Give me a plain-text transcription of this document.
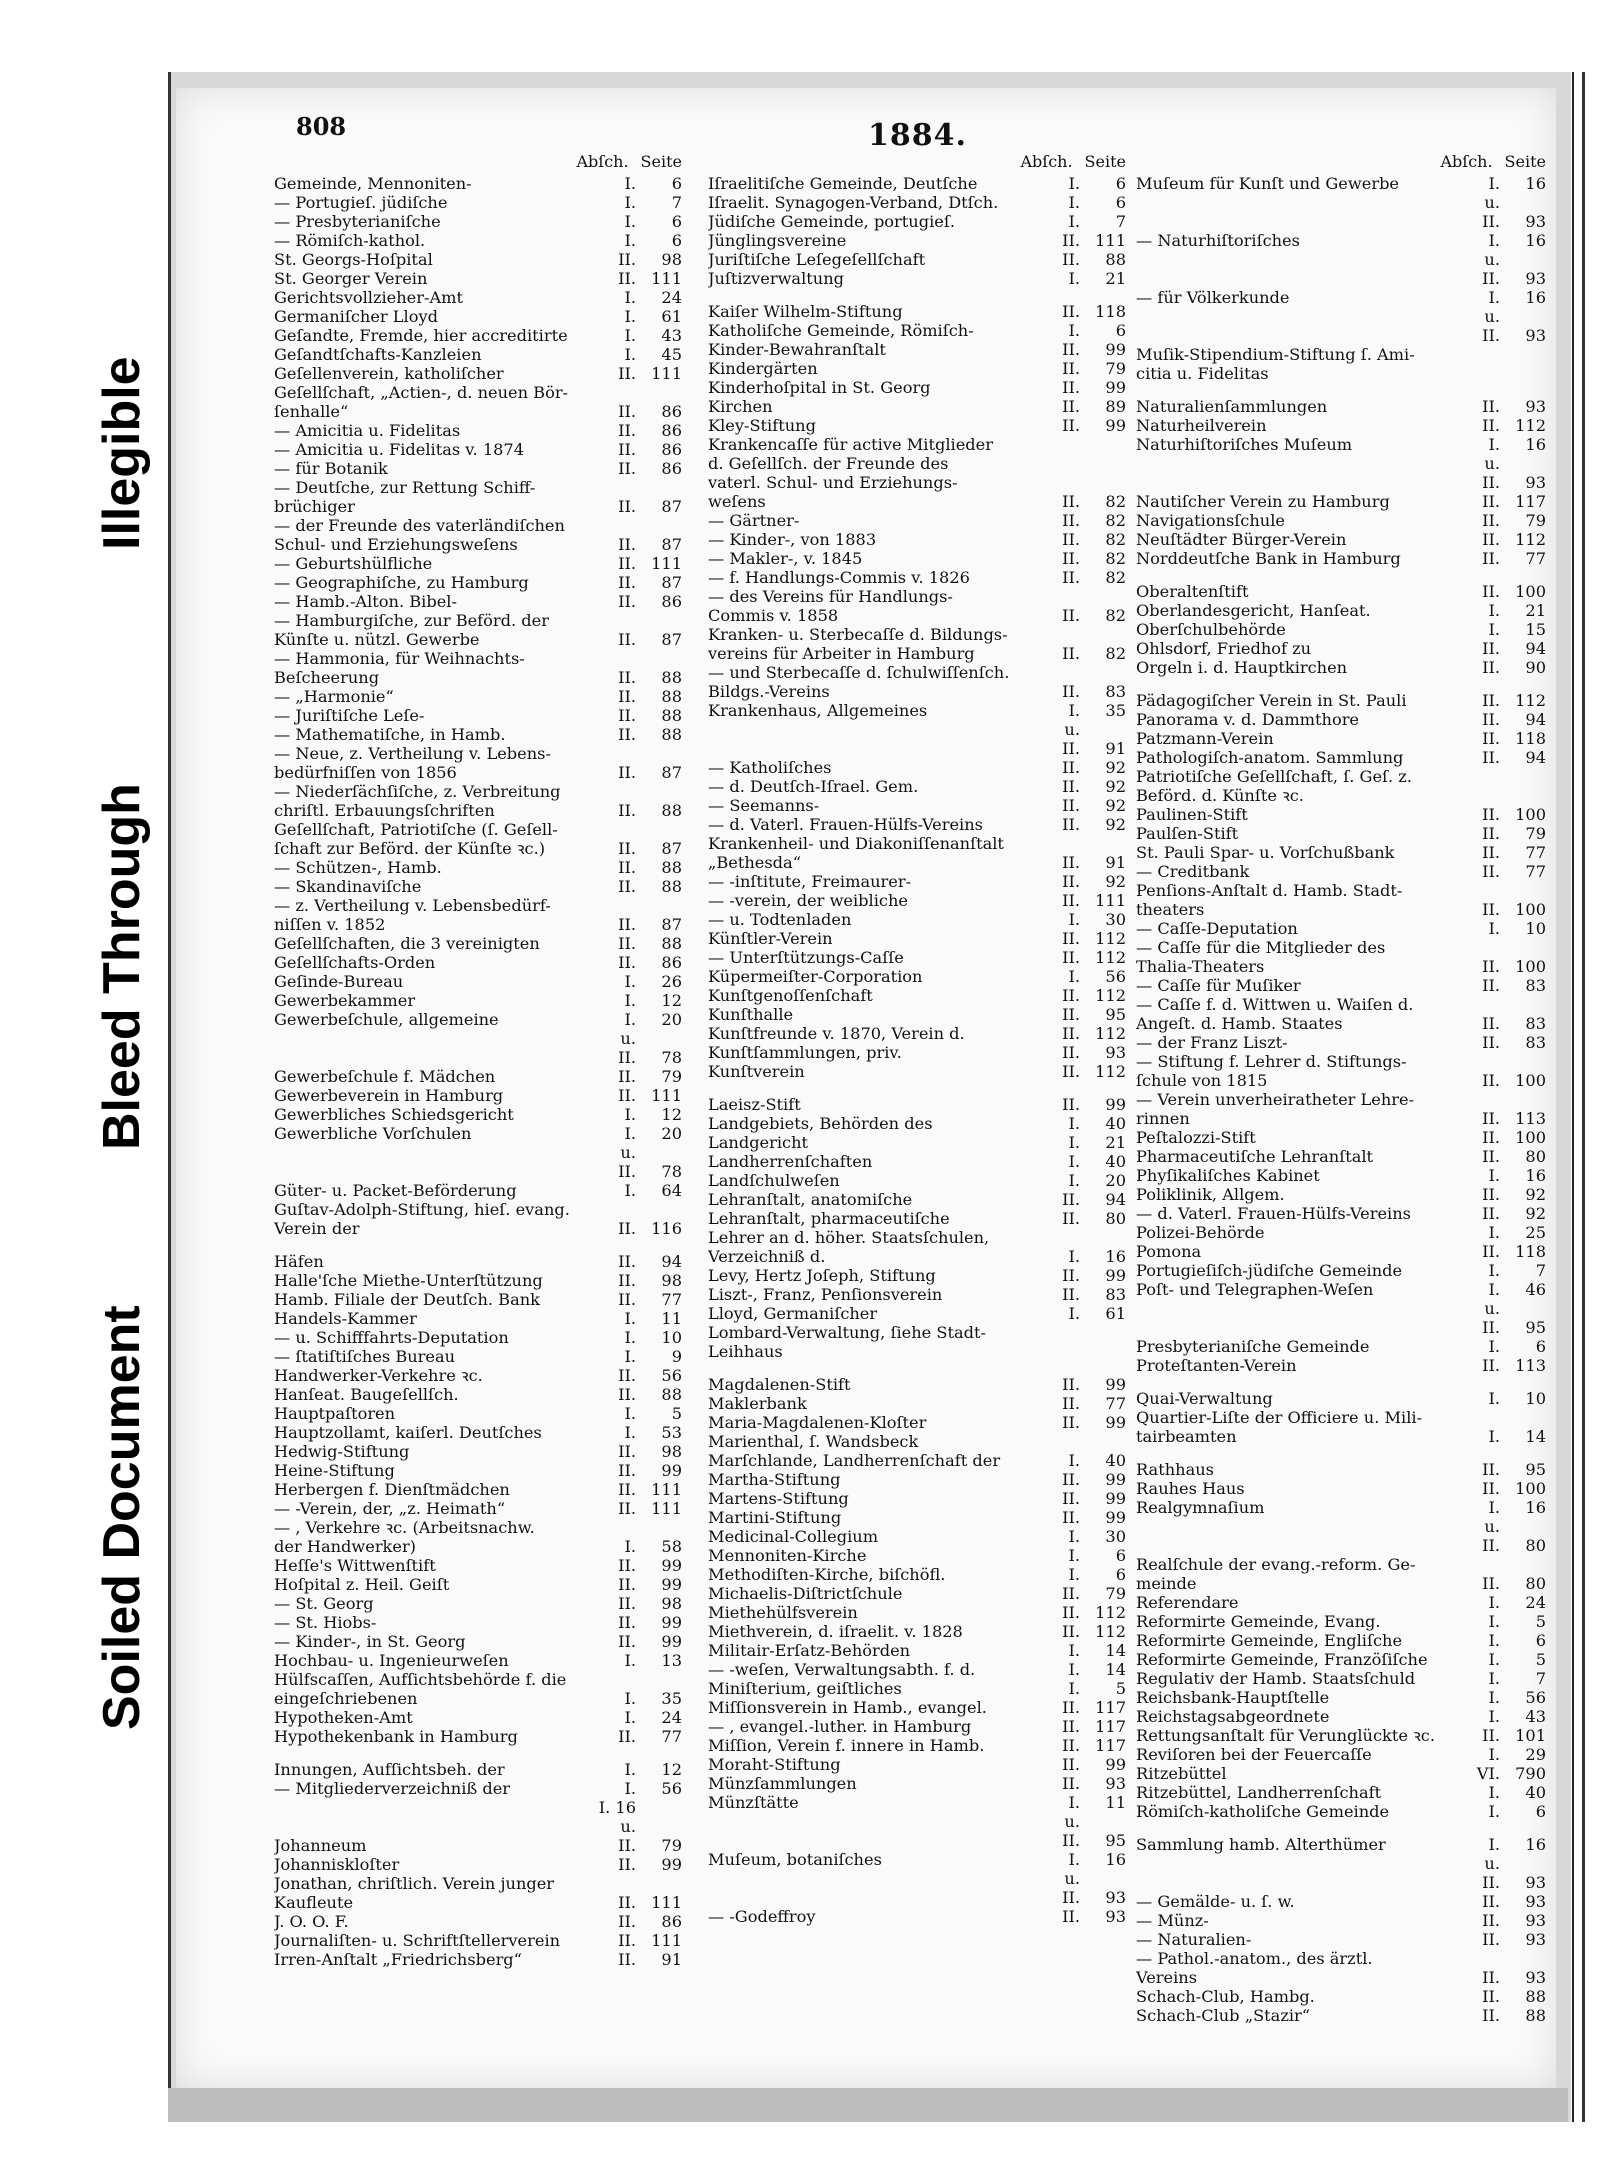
Soiled Document
Bleed Through
Illegible
808	1884.
Abſch. Seite
Gemeinde, Mennoniten-	I.	6
— Portugieſ. jüdiſche	I.	7
— Presbyterianiſche	I.	6
— Römiſch-kathol.	I.	6
St. Georgs-Hoſpital	II.	98
St. Georger Verein	II. 111
Gerichtsvollzieher-Amt	I.	24
Germaniſcher Lloyd	I.	61
Geſandte, Fremde, hier accreditirte	I.	43
Geſandtſchafts-Kanzleien	I.	45
Geſellenverein, katholiſcher	II. 111
Geſellſchaft, „Actien-, d. neuen Bör-
ſenhalle“	II.	86
— Amicitia u. Fidelitas	II.	86
— Amicitia u. Fidelitas v. 1874	II.	86
— für Botanik	II.	86
— Deutſche, zur Rettung Schiff-
brüchiger	II.	87
— der Freunde des vaterländiſchen
Schul- und Erziehungsweſens	II.	87
— Geburtshülfliche	II. 111
— Geographiſche, zu Hamburg	II.	87
— Hamb.-Alton. Bibel-	II.	86
— Hamburgiſche, zur Beförd. der
Künſte u. nützl. Gewerbe	II.	87
— Hammonia, für Weihnachts-
Beſcheerung	II.	88
— „Harmonie“	II.	88
— Juriſtiſche Leſe-	II.	88
— Mathematiſche, in Hamb.	II.	88
— Neue, z. Vertheilung v. Lebens-
bedürfniſſen von 1856	II.	87
— Niederſächſiſche, z. Verbreitung
chriſtl. Erbauungsſchriften	II.	88
Geſellſchaft, Patriotiſche (ſ. Geſell-
ſchaft zur Beförd. der Künſte ꝛc.)	II.	87
— Schützen-, Hamb.	II.	88
— Skandinaviſche	II.	88
— z. Vertheilung v. Lebensbedürf-
niſſen v. 1852	II.	87
Geſellſchaften, die 3 vereinigten	II.	88
Geſellſchafts-Orden	II.	86
Geſinde-Bureau	I.	26
Gewerbekammer	I.	12
Gewerbeſchule, allgemeine	I.	20
u. II.	78
Gewerbeſchule f. Mädchen	II.	79
Gewerbeverein in Hamburg	II. 111
Gewerbliches Schiedsgericht	I.	12
Gewerbliche Vorſchulen	I.	20
u. II.	78
Güter- u. Packet-Beförderung	I.	64
Guſtav-Adolph-Stiftung, hieſ. evang.
Verein der	II. 116
Häfen	II.	94
Halle'ſche Miethe-Unterſtützung	II.	98
Hamb. Filiale der Deutſch. Bank	II.	77
Handels-Kammer	I.	11
— u. Schifffahrts-Deputation	I.	10
— ſtatiſtiſches Bureau	I.	9
Handwerker-Verkehre ꝛc.	II.	56
Hanſeat. Baugeſellſch.	II.	88
Hauptpaſtoren	I.	5
Hauptzollamt, kaiſerl. Deutſches	I.	53
Hedwig-Stiftung	II.	98
Heine-Stiftung	II.	99
Herbergen f. Dienſtmädchen	II. 111
— -Verein, der, „z. Heimath“	II. 111
— , Verkehre ꝛc. (Arbeitsnachw.
der Handwerker)	I.	58
Heſſe's Wittwenſtift	II.	99
Hoſpital z. Heil. Geiſt	II.	99
— St. Georg	II.	98
— St. Hiobs-	II.	99
— Kinder-, in St. Georg	II.	99
Hochbau- u. Ingenieurweſen	I.	13
Hülfscaſſen, Aufſichtsbehörde f. die
eingeſchriebenen	I.	35
Hypotheken-Amt	I.	24
Hypothekenbank in Hamburg	II.	77
Innungen, Aufſichtsbeh. der	I.	12
— Mitgliederverzeichniß der	I.	56
Johanneum
I. 16 u. II.	79
Johanniskloſter	II.	99
Jonathan, chriſtlich. Verein junger
Kaufleute	II. 111
J. O. O. F.	II.	86
Journaliſten- u. Schriftſtellerverein	II. 111
Irren-Anſtalt „Friedrichsberg“	II.	91
Abſch. Seite
Iſraelitiſche Gemeinde, Deutſche	I.	6
Iſraelit. Synagogen-Verband, Dtſch.	I.	6
Jüdiſche Gemeinde, portugieſ.	I.	7
Jünglingsvereine	II. 111
Juriſtiſche Leſegeſellſchaft	II.	88
Juſtizverwaltung	I.	21
Kaiſer Wilhelm-Stiftung	II. 118
Katholiſche Gemeinde, Römiſch-	I.	6
Kinder-Bewahranſtalt	II.	99
Kindergärten	II.	79
Kinderhoſpital in St. Georg	II.	99
Kirchen	II.	89
Kley-Stiftung	II.	99
Krankencaſſe für active Mitglieder
d. Geſellſch. der Freunde des
vaterl. Schul- und Erziehungs-
weſens	II.	82
— Gärtner-	II.	82
— Kinder-, von 1883	II.	82
— Makler-, v. 1845	II.	82
— f. Handlungs-Commis v. 1826	II.	82
— des Vereins für Handlungs-
Commis v. 1858	II.	82
Kranken- u. Sterbecaſſe d. Bildungs-
vereins für Arbeiter in Hamburg	II.	82
— und Sterbecaſſe d. ſchulwiſſenſch.
Bildgs.-Vereins	II.	83
Krankenhaus, Allgemeines	I.	35
u. II.	91
— Katholiſches	II.	92
— d. Deutſch-Iſrael. Gem.	II.	92
— Seemanns-	II.	92
— d. Vaterl. Frauen-Hülfs-Vereins	II.	92
Krankenheil- und Diakoniſſenanſtalt
„Bethesda“	II.	91
— -inſtitute, Freimaurer-	II.	92
— -verein, der weibliche	II. 111
— u. Todtenladen	I.	30
Künſtler-Verein	II. 112
— Unterſtützungs-Caſſe	II. 112
Küpermeiſter-Corporation	I.	56
Kunſtgenoſſenſchaft	II. 112
Kunſthalle	II.	95
Kunſtfreunde v. 1870, Verein d.	II. 112
Kunſtſammlungen, priv.	II.	93
Kunſtverein	II. 112
Laeisz-Stift	II.	99
Landgebiets, Behörden des	I.	40
Landgericht	I.	21
Landherrenſchaften	I.	40
Landſchulweſen	I.	20
Lehranſtalt, anatomiſche	II.	94
Lehranſtalt, pharmaceutiſche	II.	80
Lehrer an d. höher. Staatsſchulen,
Verzeichniß d.	I.	16
Levy, Hertz Joſeph, Stiftung	II.	99
Liszt-, Franz, Penſionsverein	II.	83
Lloyd, Germaniſcher	I.	61
Lombard-Verwaltung, ſiehe Stadt-
Leihhaus
Magdalenen-Stift	II.	99
Maklerbank	II.	77
Maria-Magdalenen-Kloſter	II.	99
Marienthal, ſ. Wandsbeck
Marſchlande, Landherrenſchaft der	I.	40
Martha-Stiftung	II.	99
Martens-Stiftung	II.	99
Martini-Stiftung	II.	99
Medicinal-Collegium	I.	30
Mennoniten-Kirche	I.	6
Methodiſten-Kirche, biſchöfl.	I.	6
Michaelis-Diſtrictſchule	II.	79
Miethehülfsverein	II. 112
Miethverein, d. iſraelit. v. 1828	II. 112
Militair-Erſatz-Behörden	I.	14
— -weſen, Verwaltungsabth. f. d.	I.	14
Miniſterium, geiſtliches	I.	5
Miſſionsverein in Hamb., evangel.	II. 117
— , evangel.-luther. in Hamburg	II. 117
Miſſion, Verein f. innere in Hamb.	II. 117
Moraht-Stiftung	II.	99
Münzſammlungen	II.	93
Münzſtätte	I.	11
u. II.	95
Muſeum, botaniſches	I.	16
u. II.	93
— -Godeffroy	II.	93
Abſch. Seite
Muſeum für Kunſt und Gewerbe	I.	16
u. II.	93
— Naturhiſtoriſches	I.	16
u. II.	93
— für Völkerkunde	I.	16
u. II.	93
Muſik-Stipendium-Stiftung ſ. Ami-
citia u. Fidelitas
Naturalienſammlungen	II.	93
Naturheilverein	II. 112
Naturhiſtoriſches Muſeum	I.	16
u. II.	93
Nautiſcher Verein zu Hamburg	II. 117
Navigationsſchule	II.	79
Neuſtädter Bürger-Verein	II. 112
Norddeutſche Bank in Hamburg	II.	77
Oberaltenſtift	II. 100
Oberlandesgericht, Hanſeat.	I.	21
Oberſchulbehörde	I.	15
Ohlsdorf, Friedhof zu	II.	94
Orgeln i. d. Hauptkirchen	II.	90
Pädagogiſcher Verein in St. Pauli	II. 112
Panorama v. d. Dammthore	II.	94
Patzmann-Verein	II. 118
Pathologiſch-anatom. Sammlung	II.	94
Patriotiſche Geſellſchaft, ſ. Geſ. z.
Beförd. d. Künſte ꝛc.
Paulinen-Stift	II. 100
Paulſen-Stift	II.	79
St. Pauli Spar- u. Vorſchußbank	II.	77
— Creditbank	II.	77
Penſions-Anſtalt d. Hamb. Stadt-
theaters	II. 100
— Caſſe-Deputation	I.	10
— Caſſe für die Mitglieder des
Thalia-Theaters	II. 100
— Caſſe für Muſiker	II.	83
— Caſſe f. d. Wittwen u. Waiſen d.
Angeſt. d. Hamb. Staates	II.	83
— der Franz Liszt-	II.	83
— Stiftung f. Lehrer d. Stiftungs-
ſchule von 1815	II. 100
— Verein unverheiratheter Lehre-
rinnen	II. 113
Peſtalozzi-Stift	II. 100
Pharmaceutiſche Lehranſtalt	II.	80
Phyſikaliſches Kabinet	I.	16
Poliklinik, Allgem.	II.	92
— d. Vaterl. Frauen-Hülfs-Vereins	II.	92
Polizei-Behörde	I.	25
Pomona	II. 118
Portugieſiſch-jüdiſche Gemeinde	I.	7
Poſt- und Telegraphen-Weſen	I.	46
u. II.	95
Presbyterianiſche Gemeinde	I.	6
Proteſtanten-Verein	II. 113
Quai-Verwaltung	I.	10
Quartier-Liſte der Officiere u. Mili-
tairbeamten	I.	14
Rathhaus	II.	95
Rauhes Haus	II. 100
Realgymnaſium	I.	16
u. II.	80
Realſchule der evang.-reform. Ge-
meinde	II.	80
Referendare	I.	24
Reformirte Gemeinde, Evang.	I.	5
Reformirte Gemeinde, Engliſche	I.	6
Reformirte Gemeinde, Franzöſiſche	I.	5
Regulativ der Hamb. Staatsſchuld	I.	7
Reichsbank-Hauptſtelle	I.	56
Reichstagsabgeordnete	I.	43
Rettungsanſtalt für Verunglückte ꝛc.	II. 101
Reviſoren bei der Feuercaſſe	I.	29
Ritzebüttel	VI. 790
Ritzebüttel, Landherrenſchaft	I.	40
Römiſch-katholiſche Gemeinde	I.	6
Sammlung hamb. Alterthümer	I.	16
u. II.	93
— Gemälde- u. ſ. w.	II.	93
— Münz-	II.	93
— Naturalien-	II.	93
— Pathol.-anatom., des ärztl.
Vereins	II.	93
Schach-Club, Hambg.	II.	88
Schach-Club „Stazir“	II.	88
